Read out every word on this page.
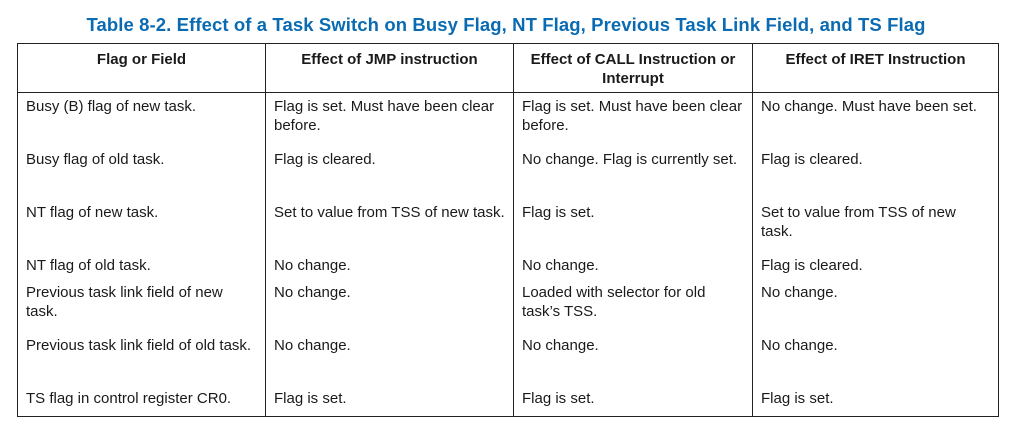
Table 8-2. Effect of a Task Switch on Busy Flag, NT Flag, Previous Task Link Field, and TS Flag
Flag or Field	Effect of JMP instruction	Effect of CALL Instruction or Interrupt	Effect of IRET Instruction
Busy (B) flag of new task.	Flag is set. Must have been clear before.	Flag is set. Must have been clear before.	No change. Must have been set.
Busy flag of old task.	Flag is cleared.	No change. Flag is currently set.	Flag is cleared.
NT flag of new task.	Set to value from TSS of new task.	Flag is set.	Set to value from TSS of new task.
NT flag of old task.	No change.	No change.	Flag is cleared.
Previous task link field of new task.	No change.	Loaded with selector for old task’s TSS.	No change.
Previous task link field of old task.	No change.	No change.	No change.
TS flag in control register CR0.	Flag is set.	Flag is set.	Flag is set.
